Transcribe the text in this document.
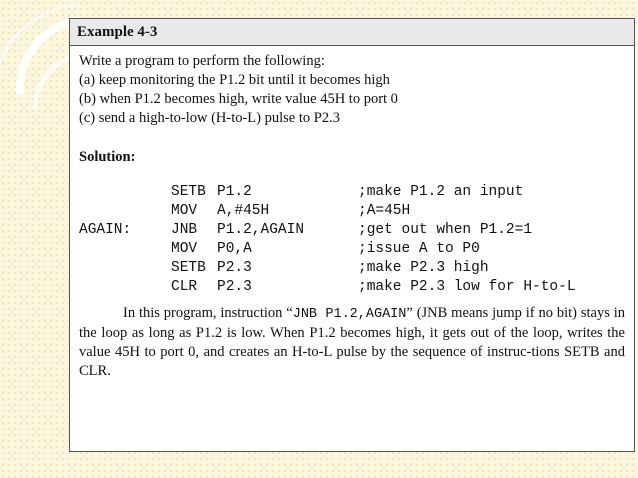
Example 4-3
Write a program to perform the following:
(a) keep monitoring the P1.2 bit until it becomes high
(b) when P1.2 becomes high, write value 45H to port 0
(c) send a high-to-low (H-to-L) pulse to P2.3
Solution:
SETB P1.2	;make P1.2 an input
MOV A,#45H	;A=45H
AGAIN:	JNB P1.2,AGAIN	;get out when P1.2=1
MOV P0,A	;issue A to P0
SETB P2.3	;make P2.3 high
CLR P2.3	;make P2.3 low for H-to-L
In this program, instruction “JNB P1.2,AGAIN” (JNB means jump if no bit) stays in the loop as long as P1.2 is low. When P1.2 becomes high, it gets out of the loop, writes the value 45H to port 0, and creates an H-to-L pulse by the sequence of instruc-tions SETB and CLR.
